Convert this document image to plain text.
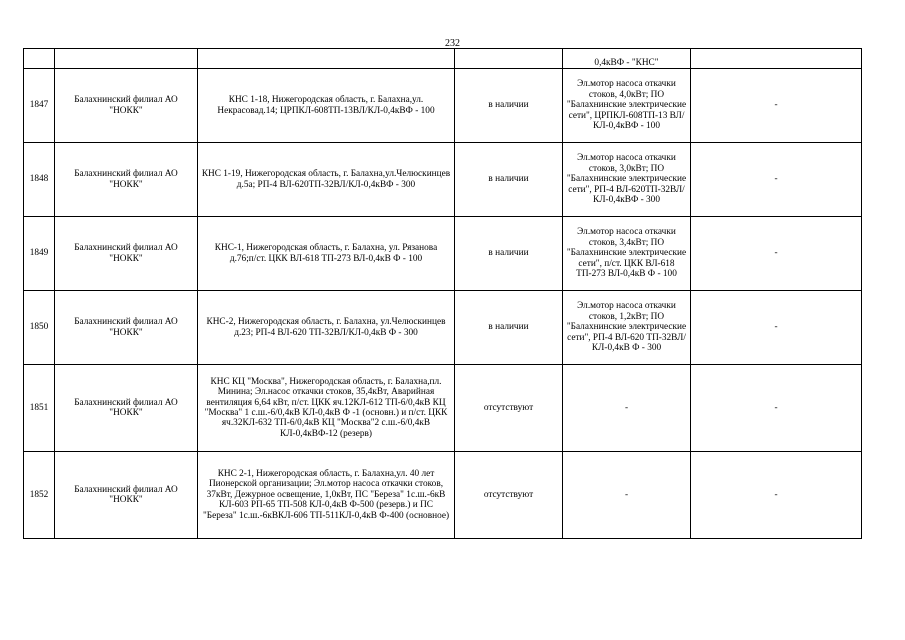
232
				0,4кВФ - "КНС"	
1847	Балахнинский филиал АО "НОКК"	КНС 1-18, Нижегородская область, г. Балахна,ул. Некрасовад.14; ЦРПКЛ-608ТП-13ВЛ/КЛ-0,4кВФ - 100	в наличии	Эл.мотор насоса откачки стоков, 4,0кВт; ПО "Балахнинские электрические сети", ЦРПКЛ-608ТП-13 ВЛ/КЛ-0,4кВФ - 100	-
1848	Балахнинский филиал АО "НОКК"	КНС 1-19, Нижегородская область, г. Балахна,ул.Челюскинцев д.5а; РП-4 ВЛ-620ТП-32ВЛ/КЛ-0,4кВФ - 300	в наличии	Эл.мотор насоса откачки стоков, 3,0кВт; ПО "Балахнинские электрические сети", РП-4 ВЛ-620ТП-32ВЛ/КЛ-0,4кВФ - 300	-
1849	Балахнинский филиал АО "НОКК"	КНС-1, Нижегородская область, г. Балахна, ул. Рязанова д.76;п/ст. ЦКК ВЛ-618 ТП-273 ВЛ-0,4кВ Ф - 100	в наличии	Эл.мотор насоса откачки стоков, 3,4кВт; ПО "Балахнинские электрические сети", п/ст. ЦКК ВЛ-618 ТП-273 ВЛ-0,4кВ Ф - 100	-
1850	Балахнинский филиал АО "НОКК"	КНС-2, Нижегородская область, г. Балахна, ул.Челюскинцев д.23; РП-4 ВЛ-620 ТП-32ВЛ/КЛ-0,4кВ Ф - 300	в наличии	Эл.мотор насоса откачки стоков, 1,2кВт; ПО "Балахнинские электрические сети", РП-4 ВЛ-620 ТП-32ВЛ/КЛ-0,4кВ Ф - 300	-
1851	Балахнинский филиал АО "НОКК"	КНС КЦ "Москва", Нижегородская область, г. Балахна,пл. Минина; Эл.насос откачки стоков, 35,4кВт, Аварийная вентиляция 6,64 кВт, п/ст. ЦКК яч.12КЛ-612 ТП-6/0,4кВ КЦ "Москва" 1 с.ш.-6/0,4кВ КЛ-0,4кВ Ф -1 (основн.) и п/ст. ЦКК яч.32КЛ-632 ТП-6/0,4кВ КЦ "Москва"2 с.ш.-6/0,4кВ КЛ-0,4кВФ-12 (резерв)	отсутствуют	-	-
1852	Балахнинский филиал АО "НОКК"	КНС 2-1, Нижегородская область, г. Балахна,ул. 40 лет Пионерской организации; Эл.мотор насоса откачки стоков, 37кВт, Дежурное освещение, 1,0кВт, ПС "Береза" 1с.ш.-6кВ КЛ-603 РП-65 ТП-508 КЛ-0,4кВ Ф-500 (резерв.) и ПС "Береза" 1с.ш.-6кВКЛ-606 ТП-511КЛ-0,4кВ Ф-400 (основное)	отсутствуют	-	-
